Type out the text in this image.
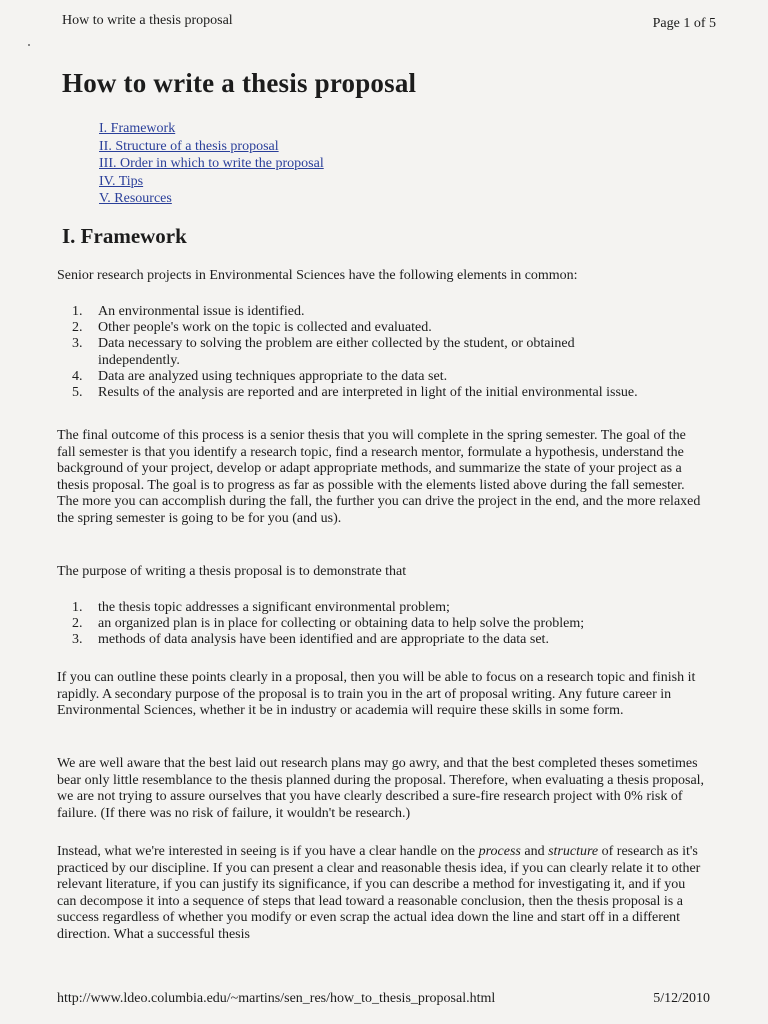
How to write a thesis proposal	Page 1 of 5
How to write a thesis proposal
I. Framework
II. Structure of a thesis proposal
III. Order in which to write the proposal
IV. Tips
V. Resources
I. Framework

Senior research projects in Environmental Sciences have the following elements in common:

1. An environmental issue is identified.
2. Other people's work on the topic is collected and evaluated.
3. Data necessary to solving the problem are either collected by the student, or obtained independently.
4. Data are analyzed using techniques appropriate to the data set.
5. Results of the analysis are reported and are interpreted in light of the initial environmental issue.

The final outcome of this process is a senior thesis that you will complete in the spring semester. The goal of the fall semester is that you identify a research topic, find a research mentor, formulate a hypothesis, understand the background of your project, develop or adapt appropriate methods, and summarize the state of your project as a thesis proposal. The goal is to progress as far as possible with the elements listed above during the fall semester. The more you can accomplish during the fall, the further you can drive the project in the end, and the more relaxed the spring semester is going to be for you (and us).

The purpose of writing a thesis proposal is to demonstrate that

1. the thesis topic addresses a significant environmental problem;
2. an organized plan is in place for collecting or obtaining data to help solve the problem;
3. methods of data analysis have been identified and are appropriate to the data set.

If you can outline these points clearly in a proposal, then you will be able to focus on a research topic and finish it rapidly. A secondary purpose of the proposal is to train you in the art of proposal writing. Any future career in Environmental Sciences, whether it be in industry or academia will require these skills in some form.

We are well aware that the best laid out research plans may go awry, and that the best completed theses sometimes bear only little resemblance to the thesis planned during the proposal. Therefore, when evaluating a thesis proposal, we are not trying to assure ourselves that you have clearly described a sure-fire research project with 0% risk of failure. (If there was no risk of failure, it wouldn't be research.)

Instead, what we're interested in seeing is if you have a clear handle on the process and structure of research as it's practiced by our discipline. If you can present a clear and reasonable thesis idea, if you can clearly relate it to other relevant literature, if you can justify its significance, if you can describe a method for investigating it, and if you can decompose it into a sequence of steps that lead toward a reasonable conclusion, then the thesis proposal is a success regardless of whether you modify or even scrap the actual idea down the line and start off in a different direction. What a successful thesis

http://www.ldeo.columbia.edu/~martins/sen_res/how_to_thesis_proposal.html	5/12/2010
